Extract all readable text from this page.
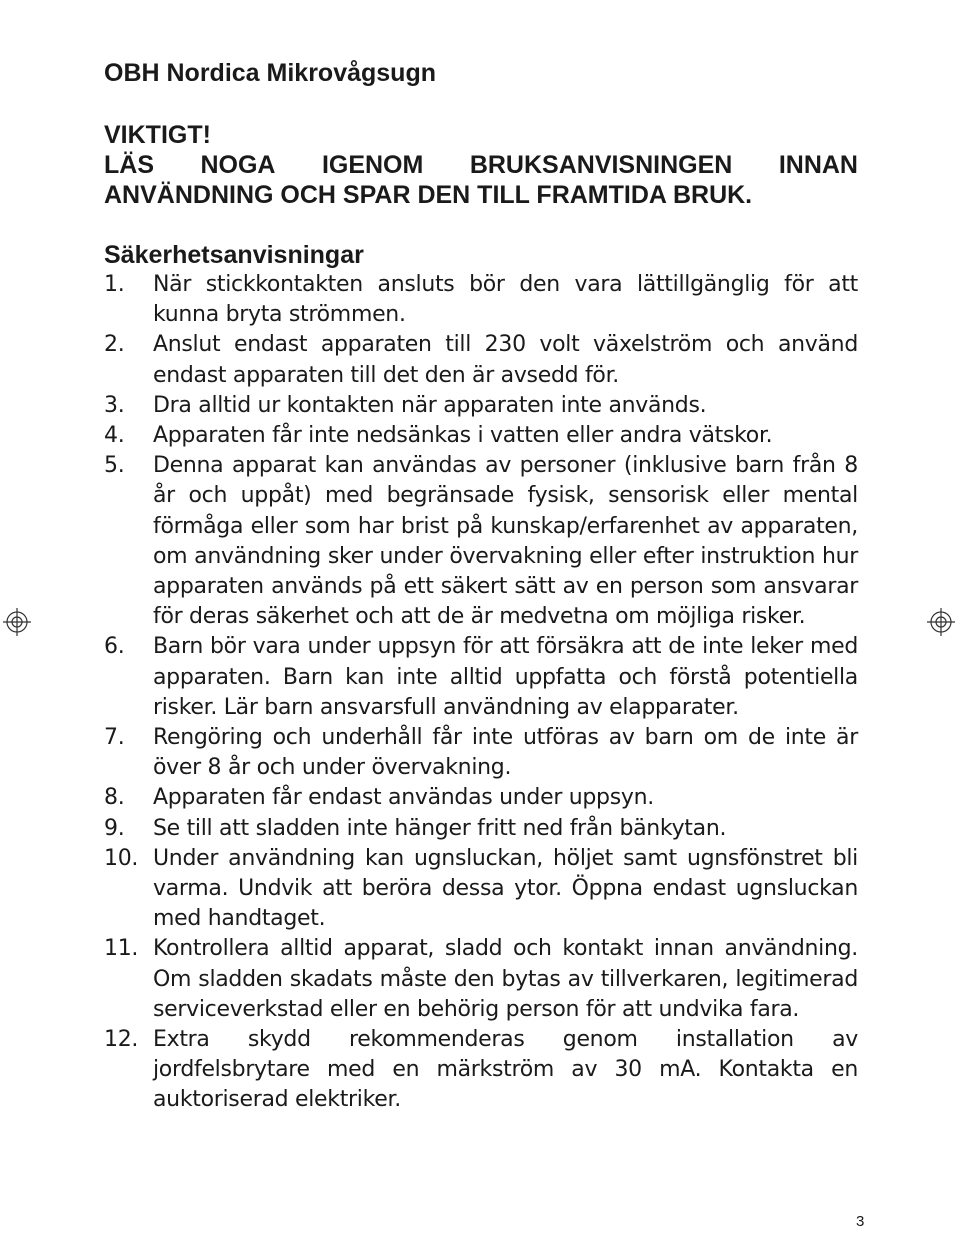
OBH Nordica Mikrovågsugn
VIKTIGT!
LÄS NOGA IGENOM BRUKSANVISNINGEN INNAN
ANVÄNDNING OCH SPAR DEN TILL FRAMTIDA BRUK.
Säkerhetsanvisningar
1. När stickkontakten ansluts bör den vara lättillgänglig för att kunna bryta strömmen.
2. Anslut endast apparaten till 230 volt växelström och använd endast apparaten till det den är avsedd för.
3. Dra alltid ur kontakten när apparaten inte används.
4. Apparaten får inte nedsänkas i vatten eller andra vätskor.
5. Denna apparat kan användas av personer (inklusive barn från 8 år och uppåt) med begränsade fysisk, sensorisk eller mental förmåga eller som har brist på kunskap/erfarenhet av apparaten, om användning sker under övervakning eller efter instruktion hur apparaten används på ett säkert sätt av en person som ansvarar för deras säkerhet och att de är medvetna om möjliga risker.
6. Barn bör vara under uppsyn för att försäkra att de inte leker med apparaten. Barn kan inte alltid uppfatta och förstå potentiella risker. Lär barn ansvarsfull användning av elapparater.
7. Rengöring och underhåll får inte utföras av barn om de inte är över 8 år och under övervakning.
8. Apparaten får endast användas under uppsyn.
9. Se till att sladden inte hänger fritt ned från bänkytan.
10. Under användning kan ugnsluckan, höljet samt ugnsfönstret bli varma. Undvik att beröra dessa ytor. Öppna endast ugnsluckan med handtaget.
11. Kontrollera alltid apparat, sladd och kontakt innan användning. Om sladden skadats måste den bytas av tillverkaren, legitimerad serviceverkstad eller en behörig person för att undvika fara.
12. Extra skydd rekommenderas genom installation av jordfelsbrytare med en märkström av 30 mA. Kontakta en auktoriserad elektriker.
3
